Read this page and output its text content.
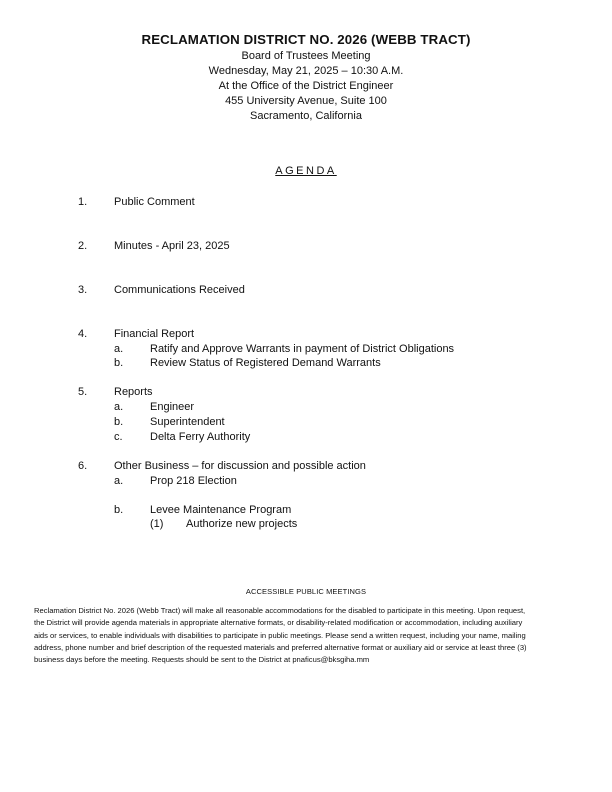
RECLAMATION DISTRICT NO. 2026 (WEBB TRACT)
Board of Trustees Meeting
Wednesday, May 21, 2025 – 10:30 A.M.
At the Office of the District Engineer
455 University Avenue, Suite 100
Sacramento, California
AGENDA
1. Public Comment
2. Minutes - April 23, 2025
3. Communications Received
4. Financial Report
a. Ratify and Approve Warrants in payment of District Obligations
b. Review Status of Registered Demand Warrants
5. Reports
a. Engineer
b. Superintendent
c. Delta Ferry Authority
6. Other Business – for discussion and possible action
a. Prop 218 Election
b. Levee Maintenance Program
(1) Authorize new projects
ACCESSIBLE PUBLIC MEETINGS
Reclamation District No. 2026 (Webb Tract) will make all reasonable accommodations for the disabled to participate in this meeting. Upon request,
the District will provide agenda materials in appropriate alternative formats, or disability-related modification or accommodation, including auxiliary
aids or services, to enable individuals with disabilities to participate in public meetings. Please send a written request, including your name, mailing
address, phone number and brief description of the requested materials and preferred alternative format or auxiliary aid or service at least three (3)
business days before the meeting. Requests should be sent to the District at pnaficus@bksgiha.mm
